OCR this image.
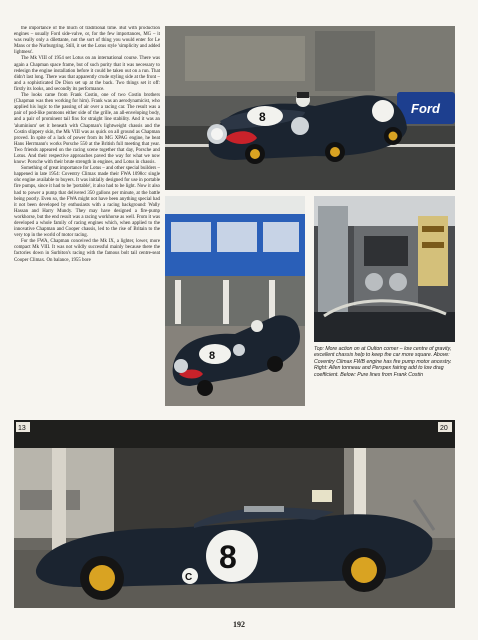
the importance of the much of traditional time. But with production engines – usually Ford side-valve, or, for the few importances, MG – it was really only a dilettante, not the sort of thing you would enter for Le Mans or the Nurburgring. Still, it set the Lotus style 'simplicity and added lightness'.

The Mk VIII of 1954 set Lotus on an international course. There was again a Chapman space frame, but of such purity that it was necessary to redesign the engine installation before it could be taken out on a run. That didn't last long. There was that apparently crude styling side at the front – and a sophisticated De Dion set up at the back. Two things set it off: firstly its looks, and secondly its performance.

The looks came from Frank Costin, one of two Costin brothers (Chapman was then working for him). Frank was an aerodynamicist, who applied his logic to the passing of air over a racing car. The result was a pair of pod-like pontoons either side of the grille, an all-enveloping body, and a pair of prominent tail fins for straight line stability. And it was an 'aluminium' set it beneath with Chapman's lightweight chassis and the Costin slippery skin, the Mk VIII was as quick on all ground as Chapman proved. In spite of a lack of power from its MG XPAG engine, he beat Hans Herrmann's works Porsche 550 at the British full meeting that year. Two friends appeared on the racing scene together that day, Porsche and Lotus. And their respective approaches paved the way for what we now know: Porsche with their brute strength in engines, and Lotus in chassis.

Something of great importance for Lotus – and other special builders – happened in late 1954: Coventry Climax made their FWA 1098cc single ohc engine available to buyers. It was initially designed for use in portable fire pumps, since it had to be 'portable', it also had to be light. Now it also had to power a pump that delivered 350 gallons per minute, at the battle being poorly. Even so, the FWA might not have been anything special had it not been developed by enthusiasts with a racing background: Wally Hassan and Harry Mundy. They may have designed a fire-pump workhorse, but the end result was a racing workhorse as well. From it was developed a whole family of racing engines which, when applied to the innovative Chapman and Cooper chassis, led to the rise of Britain to the very top in the world of motor racing.

For the FWA, Chapman conceived the Mk IX, a lighter, lower, more compact Mk VIII. It was not wildly successful mainly because there the factories down in Surbiton's racing with the famous bolt tail centre-seat Cooper Climax. On balance, 1955 bore

Ford
8
8
Top: More action on at Oulton corner – low centre of gravity, excellent chassis help to keep the car more square. Above: Coventry Climax FWB engine has fire pump motor ancestry. Right: Allen tonneau and Perspex fairing add to low drag coefficient. Below: Pure lines from Frank Costin
13	20
8
C
192
